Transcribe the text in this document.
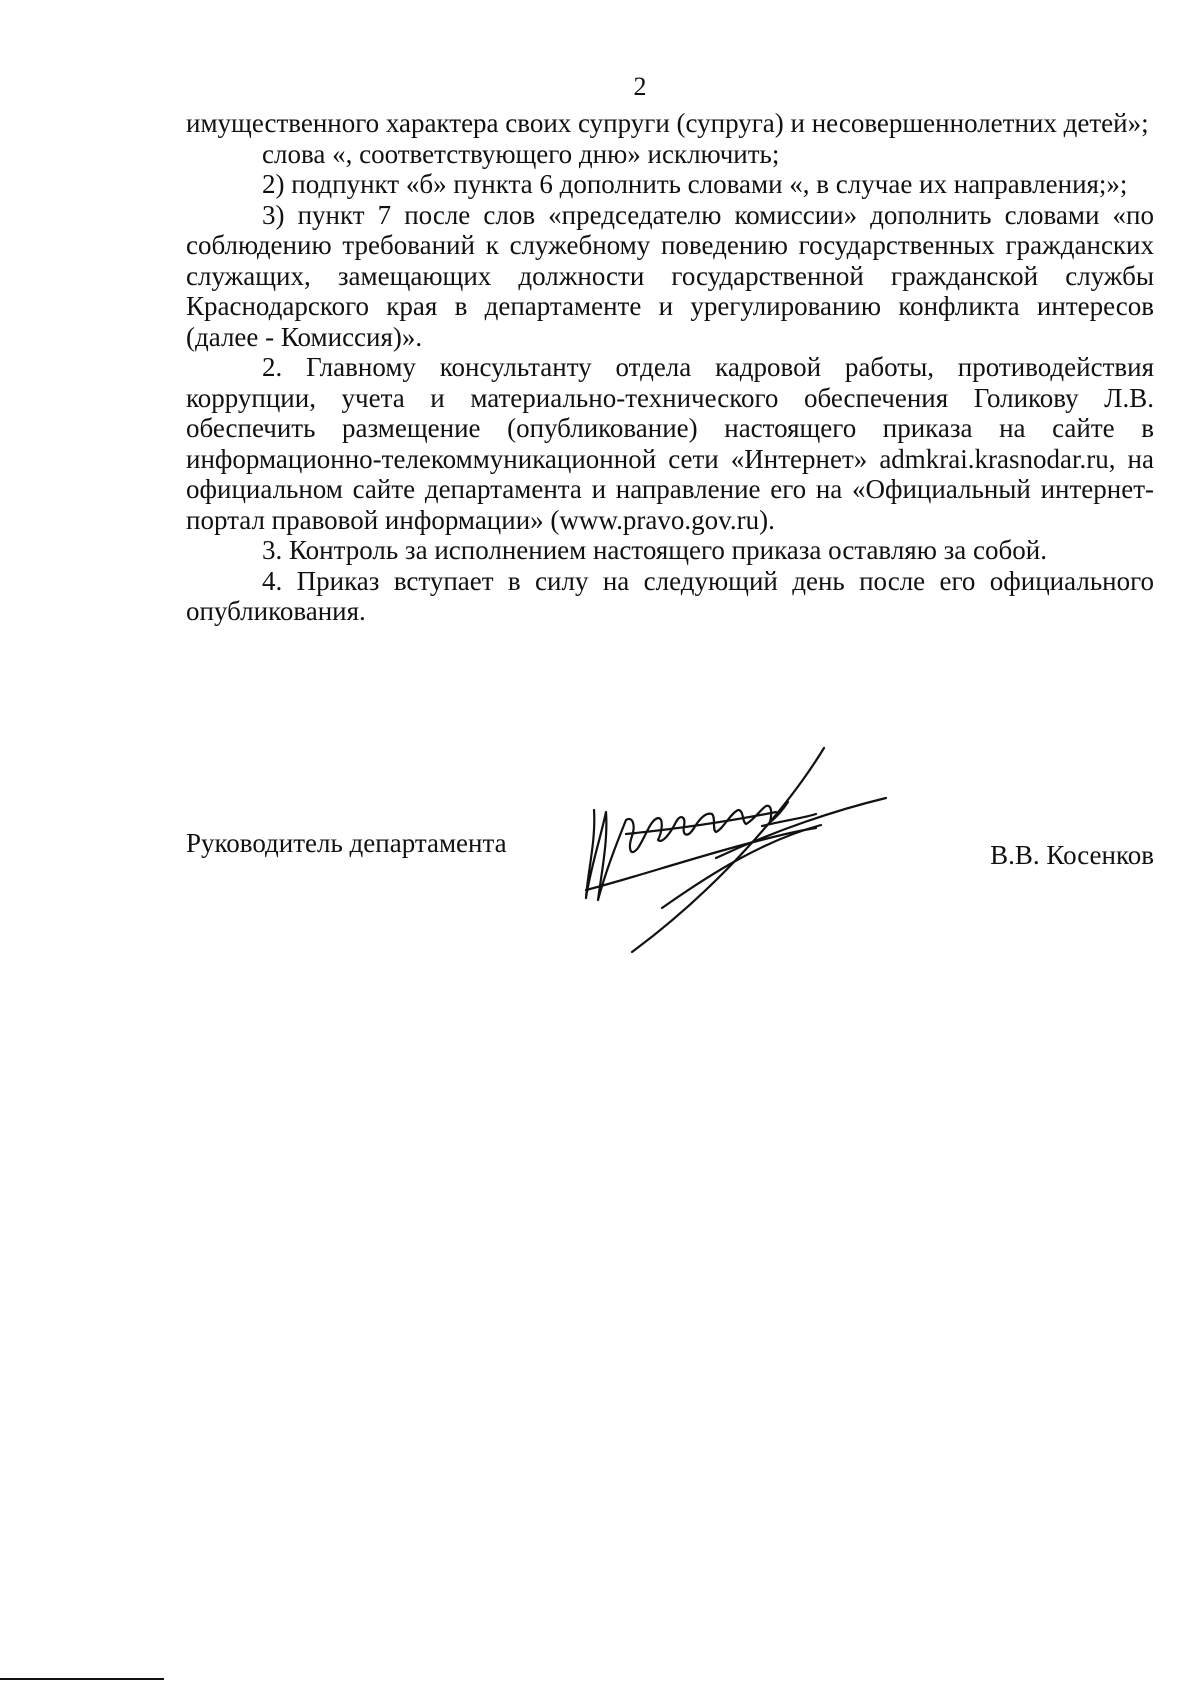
2

имущественного характера своих супруги (супруга) и несовершеннолетних детей»;

слова «, соответствующего дню» исключить;

2) подпункт «б» пункта 6 дополнить словами «, в случае их направления;»;

3) пункт 7 после слов «председателю комиссии» дополнить словами «по соблюдению требований к служебному поведению государственных гражданских служащих, замещающих должности государственной гражданской службы Краснодарского края в департаменте и урегулированию конфликта интересов (далее - Комиссия)».

2. Главному консультанту отдела кадровой работы, противодействия коррупции, учета и материально-технического обеспечения Голикову Л.В. обеспечить размещение (опубликование) настоящего приказа на сайте в информационно-телекоммуникационной сети «Интернет» admkrai.krasnodar.ru, на официальном сайте департамента и направление его на «Официальный интернет-портал правовой информации» (www.pravo.gov.ru).

3. Контроль за исполнением настоящего приказа оставляю за собой.

4. Приказ вступает в силу на следующий день после его официального опубликования.

Руководитель департамента	В.В. Косенков
